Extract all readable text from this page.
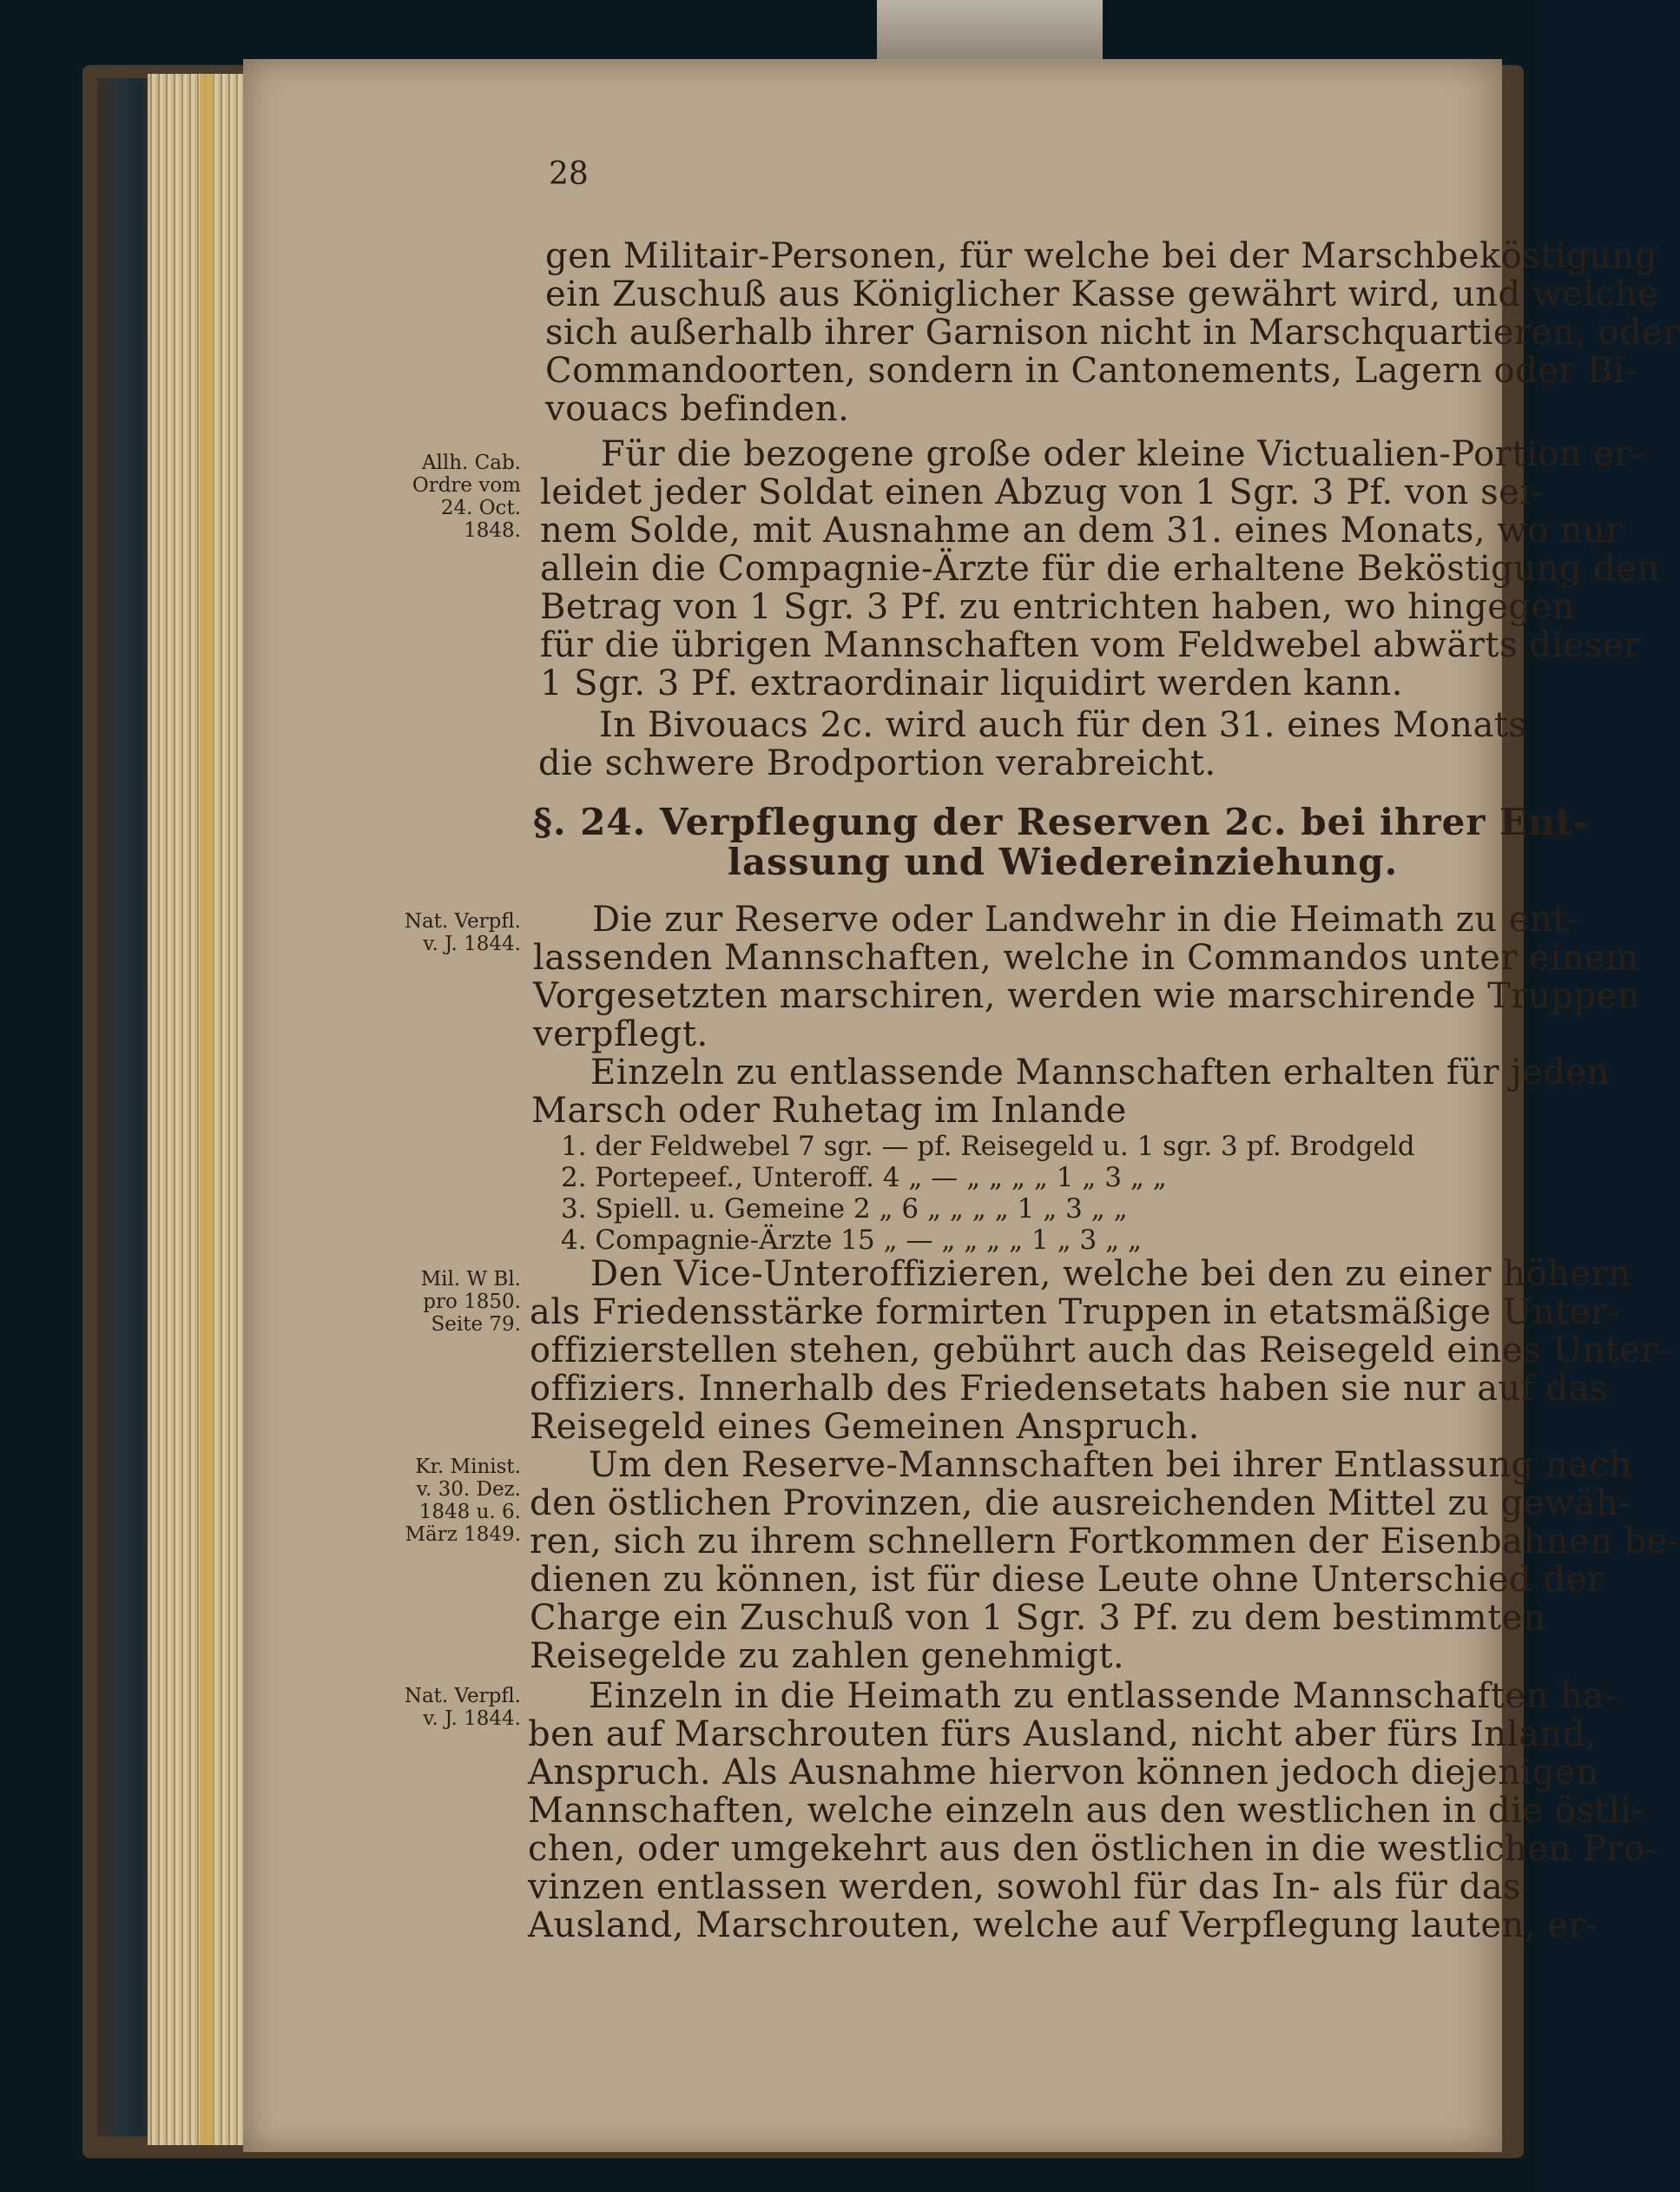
28
gen Militair-Personen, für welche bei der Marschbeköstigung
ein Zuschuß aus Königlicher Kasse gewährt wird, und welche
sich außerhalb ihrer Garnison nicht in Marschquartieren, oder
Commandoorten, sondern in Cantonements, Lagern oder Bi-
vouacs befinden.
Für die bezogene große oder kleine Victualien-Portion er-
leidet jeder Soldat einen Abzug von 1 Sgr. 3 Pf. von sei-
nem Solde, mit Ausnahme an dem 31. eines Monats, wo nur
allein die Compagnie-Ärzte für die erhaltene Beköstigung den
Betrag von 1 Sgr. 3 Pf. zu entrichten haben, wo hingegen
für die übrigen Mannschaften vom Feldwebel abwärts dieser
1 Sgr. 3 Pf. extraordinair liquidirt werden kann.
In Bivouacs 2c. wird auch für den 31. eines Monats
die schwere Brodportion verabreicht.
§. 24. Verpflegung der Reserven 2c. bei ihrer Ent-
lassung und Wiedereinziehung.
Die zur Reserve oder Landwehr in die Heimath zu ent-
lassenden Mannschaften, welche in Commandos unter einem
Vorgesetzten marschiren, werden wie marschirende Truppen
verpflegt.
Einzeln zu entlassende Mannschaften erhalten für jeden
Marsch oder Ruhetag im Inlande
1. der Feldwebel 7 sgr. — pf. Reisegeld u. 1 sgr. 3 pf. Brodgeld
2. Portepeef., Unteroff. 4 „ — „ „ „ „ 1 „ 3 „ „
3. Spiell. u. Gemeine 2 „ 6 „ „ „ „ 1 „ 3 „ „
4. Compagnie-Ärzte 15 „ — „ „ „ „ 1 „ 3 „ „
Den Vice-Unteroffizieren, welche bei den zu einer höhern
als Friedensstärke formirten Truppen in etatsmäßige Unter-
offizierstellen stehen, gebührt auch das Reisegeld eines Unter-
offiziers. Innerhalb des Friedensetats haben sie nur auf das
Reisegeld eines Gemeinen Anspruch.
Um den Reserve-Mannschaften bei ihrer Entlassung nach
den östlichen Provinzen, die ausreichenden Mittel zu gewäh-
ren, sich zu ihrem schnellern Fortkommen der Eisenbahnen be-
dienen zu können, ist für diese Leute ohne Unterschied der
Charge ein Zuschuß von 1 Sgr. 3 Pf. zu dem bestimmten
Reisegelde zu zahlen genehmigt.
Einzeln in die Heimath zu entlassende Mannschaften ha-
ben auf Marschrouten fürs Ausland, nicht aber fürs Inland,
Anspruch. Als Ausnahme hiervon können jedoch diejenigen
Mannschaften, welche einzeln aus den westlichen in die östli-
chen, oder umgekehrt aus den östlichen in die westlichen Pro-
vinzen entlassen werden, sowohl für das In- als für das
Ausland, Marschrouten, welche auf Verpflegung lauten, er-
Allh. Cab.
Ordre vom
24. Oct.
1848.
Nat. Verpfl.
v. J. 1844.
Mil. W Bl.
pro 1850.
Seite 79.
Kr. Minist.
v. 30. Dez.
1848 u. 6.
März 1849.
Nat. Verpfl.
v. J. 1844.
